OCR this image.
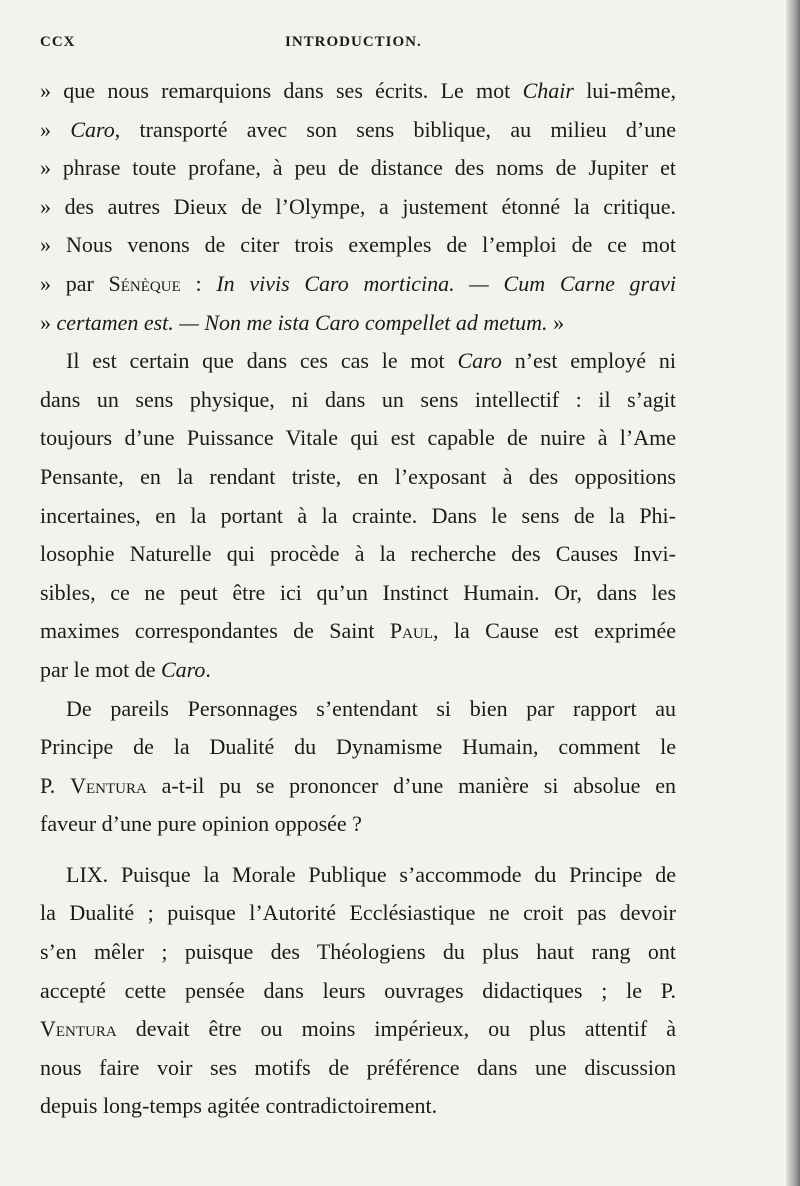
CCX	INTRODUCTION.
» que nous remarquions dans ses écrits. Le mot Chair lui-même,
» Caro, transporté avec son sens biblique, au milieu d’une
» phrase toute profane, à peu de distance des noms de Jupiter et
» des autres Dieux de l’Olympe, a justement étonné la critique.
» Nous venons de citer trois exemples de l’emploi de ce mot
» par Sénèque : In vivis Caro morticina. — Cum Carne gravi
» certamen est. — Non me ista Caro compellet ad metum. »
Il est certain que dans ces cas le mot Caro n’est employé ni
dans un sens physique, ni dans un sens intellectif : il s’agit
toujours d’une Puissance Vitale qui est capable de nuire à l’Ame
Pensante, en la rendant triste, en l’exposant à des oppositions
incertaines, en la portant à la crainte. Dans le sens de la Phi-
losophie Naturelle qui procède à la recherche des Causes Invi-
sibles, ce ne peut être ici qu’un Instinct Humain. Or, dans les
maximes correspondantes de Saint Paul, la Cause est exprimée
par le mot de Caro.
De pareils Personnages s’entendant si bien par rapport au
Principe de la Dualité du Dynamisme Humain, comment le
P. Ventura a-t-il pu se prononcer d’une manière si absolue en
faveur d’une pure opinion opposée ?
LIX. Puisque la Morale Publique s’accommode du Principe de
la Dualité ; puisque l’Autorité Ecclésiastique ne croit pas devoir
s’en mêler ; puisque des Théologiens du plus haut rang ont
accepté cette pensée dans leurs ouvrages didactiques ; le P.
Ventura devait être ou moins impérieux, ou plus attentif à
nous faire voir ses motifs de préférence dans une discussion
depuis long-temps agitée contradictoirement.
